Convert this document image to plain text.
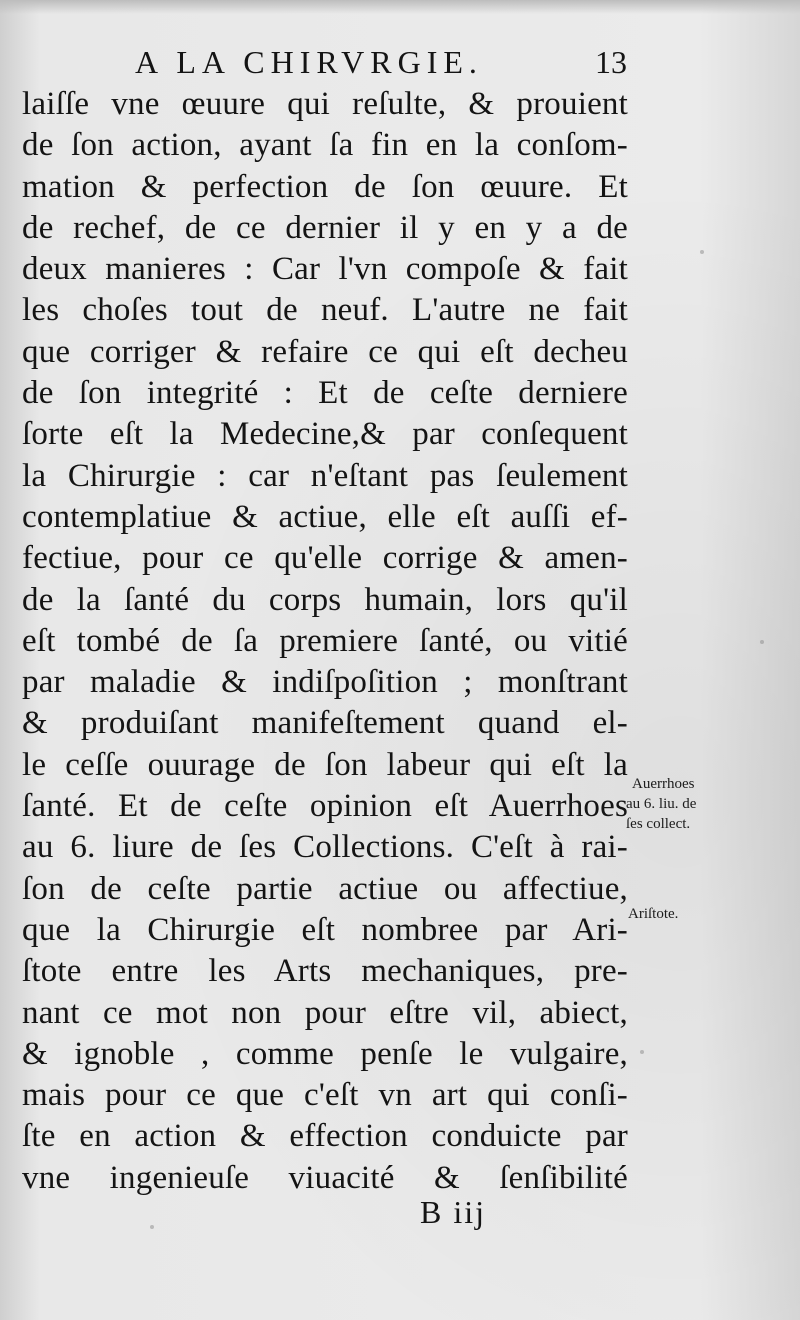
A LA CHIRVRGIE.	13
laiſſe vne œuure qui reſulte, & prouient
de ſon action, ayant ſa fin en la conſom-
mation & perfection de ſon œuure. Et
de rechef, de ce dernier il y en y a de
deux manieres : Car l'vn compoſe & fait
les choſes tout de neuf. L'autre ne fait
que corriger & refaire ce qui eſt decheu
de ſon integrité : Et de ceſte derniere
ſorte eſt la Medecine,& par conſequent
la Chirurgie : car n'eſtant pas ſeulement
contemplatiue & actiue, elle eſt auſſi ef-
fectiue, pour ce qu'elle corrige & amen-
de la ſanté du corps humain, lors qu'il
eſt tombé de ſa premiere ſanté, ou vitié
par maladie & indiſpoſition ; monſtrant
& produiſant manifeſtement quand el-
le ceſſe ouurage de ſon labeur qui eſt la
ſanté. Et de ceſte opinion eſt Auerrhoes
au 6. liure de ſes Collections. C'eſt à rai-
ſon de ceſte partie actiue ou affectiue,
que la Chirurgie eſt nombree par Ari-
ſtote entre les Arts mechaniques, pre-
nant ce mot non pour eſtre vil, abiect,
& ignoble , comme penſe le vulgaire,
mais pour ce que c'eſt vn art qui conſi-
ſte en action & effection conduicte par
vne ingenieuſe viuacité & ſenſibilité
Auerrhoes
au 6. liu. de
ſes collect.
Ariſtote.
B iij
